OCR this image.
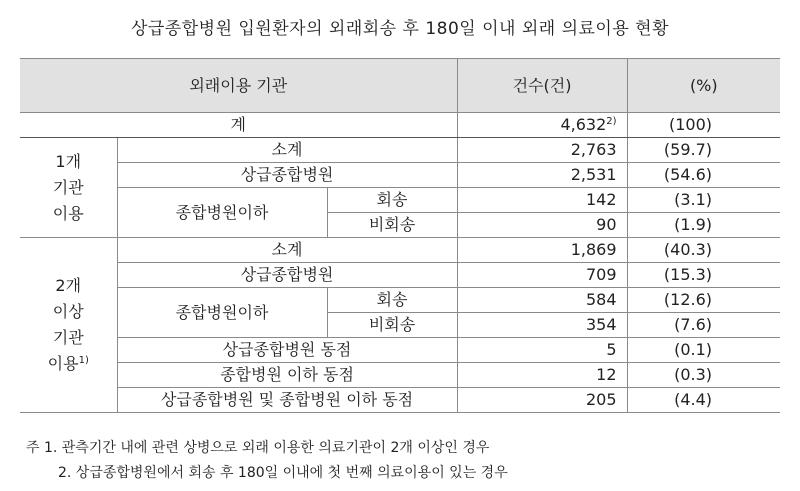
상급종합병원 입원환자의 외래회송 후 180일 이내 외래 의료이용 현황
외래이용 기관			건수(건)	(%)
계			4,632$^{2)}$	(100)
1개
기관
이용	소계		2,763	(59.7)
	상급종합병원		2,531	(54.6)
	종합병원이하	회송	142	(3.1)
		비회송	90	(1.9)
2개
이상
기관
이용$^{1)}$	소계		1,869	(40.3)
	상급종합병원		709	(15.3)
	종합병원이하	회송	584	(12.6)
		비회송	354	(7.6)
	상급종합병원 동점		5	(0.1)
	종합병원 이하 동점		12	(0.3)
	상급종합병원 및 종합병원 이하 동점		205	(4.4)
주 1. 관측기간 내에 관련 상병으로 외래 이용한 의료기관이 2개 이상인 경우
2. 상급종합병원에서 회송 후 180일 이내에 첫 번째 의료이용이 있는 경우
